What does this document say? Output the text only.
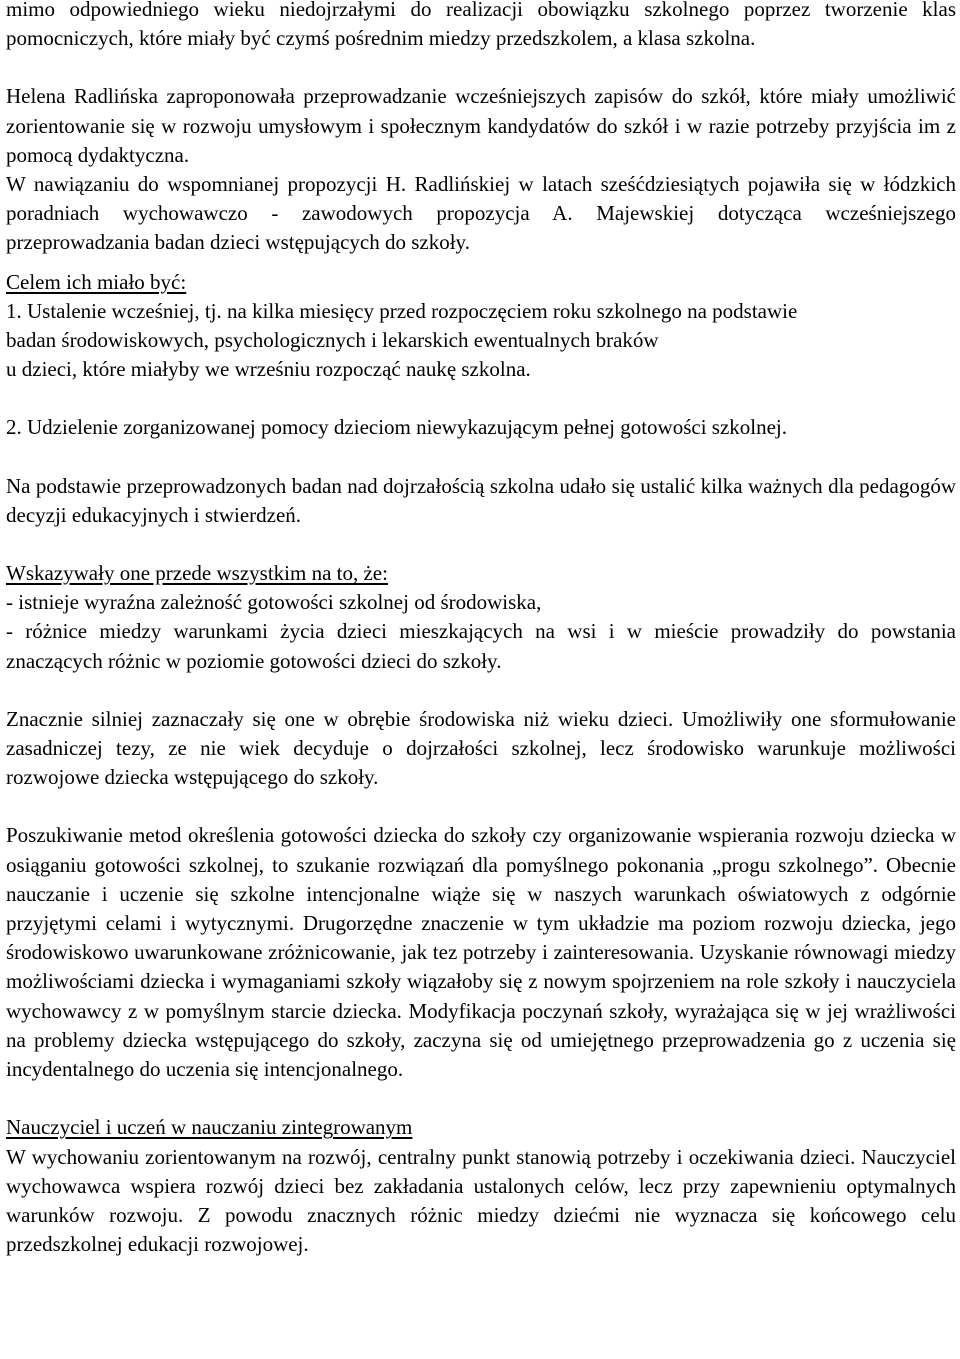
mimo odpowiedniego wieku niedojrzałymi do realizacji obowiązku szkolnego poprzez tworzenie klas pomocniczych, które miały być czymś pośrednim miedzy przedszkolem, a klasa szkolna.

Helena Radlińska zaproponowała przeprowadzanie wcześniejszych zapisów do szkół, które miały umożliwić zorientowanie się w rozwoju umysłowym i społecznym kandydatów do szkół i w razie potrzeby przyjścia im z pomocą dydaktyczna.

W nawiązaniu do wspomnianej propozycji H. Radlińskiej w latach sześćdziesiątych pojawiła się w łódzkich poradniach wychowawczo - zawodowych propozycja A. Majewskiej dotycząca wcześniejszego przeprowadzania badan dzieci wstępujących do szkoły.

Celem ich miało być:

1. Ustalenie wcześniej, tj. na kilka miesięcy przed rozpoczęciem roku szkolnego na podstawie

badan środowiskowych, psychologicznych i lekarskich ewentualnych braków

u dzieci, które miałyby we wrześniu rozpocząć naukę szkolna.

2. Udzielenie zorganizowanej pomocy dzieciom niewykazującym pełnej gotowości szkolnej.

Na podstawie przeprowadzonych badan nad dojrzałością szkolna udało się ustalić kilka ważnych dla pedagogów decyzji edukacyjnych i stwierdzeń.

Wskazywały one przede wszystkim na to, że:

- istnieje wyraźna zależność gotowości szkolnej od środowiska,

- różnice miedzy warunkami życia dzieci mieszkających na wsi i w mieście prowadziły do powstania znaczących różnic w poziomie gotowości dzieci do szkoły.

Znacznie silniej zaznaczały się one w obrębie środowiska niż wieku dzieci. Umożliwiły one sformułowanie zasadniczej tezy, ze nie wiek decyduje o dojrzałości szkolnej, lecz środowisko warunkuje możliwości rozwojowe dziecka wstępującego do szkoły.

Poszukiwanie metod określenia gotowości dziecka do szkoły czy organizowanie wspierania rozwoju dziecka w osiąganiu gotowości szkolnej, to szukanie rozwiązań dla pomyślnego pokonania „progu szkolnego”. Obecnie nauczanie i uczenie się szkolne intencjonalne wiąże się w naszych warunkach oświatowych z odgórnie przyjętymi celami i wytycznymi. Drugorzędne znaczenie w tym układzie ma poziom rozwoju dziecka, jego środowiskowo uwarunkowane zróżnicowanie, jak tez potrzeby i zainteresowania. Uzyskanie równowagi miedzy możliwościami dziecka i wymaganiami szkoły wiązałoby się z nowym spojrzeniem na role szkoły i nauczyciela wychowawcy z w pomyślnym starcie dziecka. Modyfikacja poczynań szkoły, wyrażająca się w jej wrażliwości na problemy dziecka wstępującego do szkoły, zaczyna się od umiejętnego przeprowadzenia go z uczenia się incydentalnego do uczenia się intencjonalnego.

Nauczyciel i uczeń w nauczaniu zintegrowanym

W wychowaniu zorientowanym na rozwój, centralny punkt stanowią potrzeby i oczekiwania dzieci. Nauczyciel wychowawca wspiera rozwój dzieci bez zakładania ustalonych celów, lecz przy zapewnieniu optymalnych warunków rozwoju. Z powodu znacznych różnic miedzy dziećmi nie wyznacza się końcowego celu przedszkolnej edukacji rozwojowej.
